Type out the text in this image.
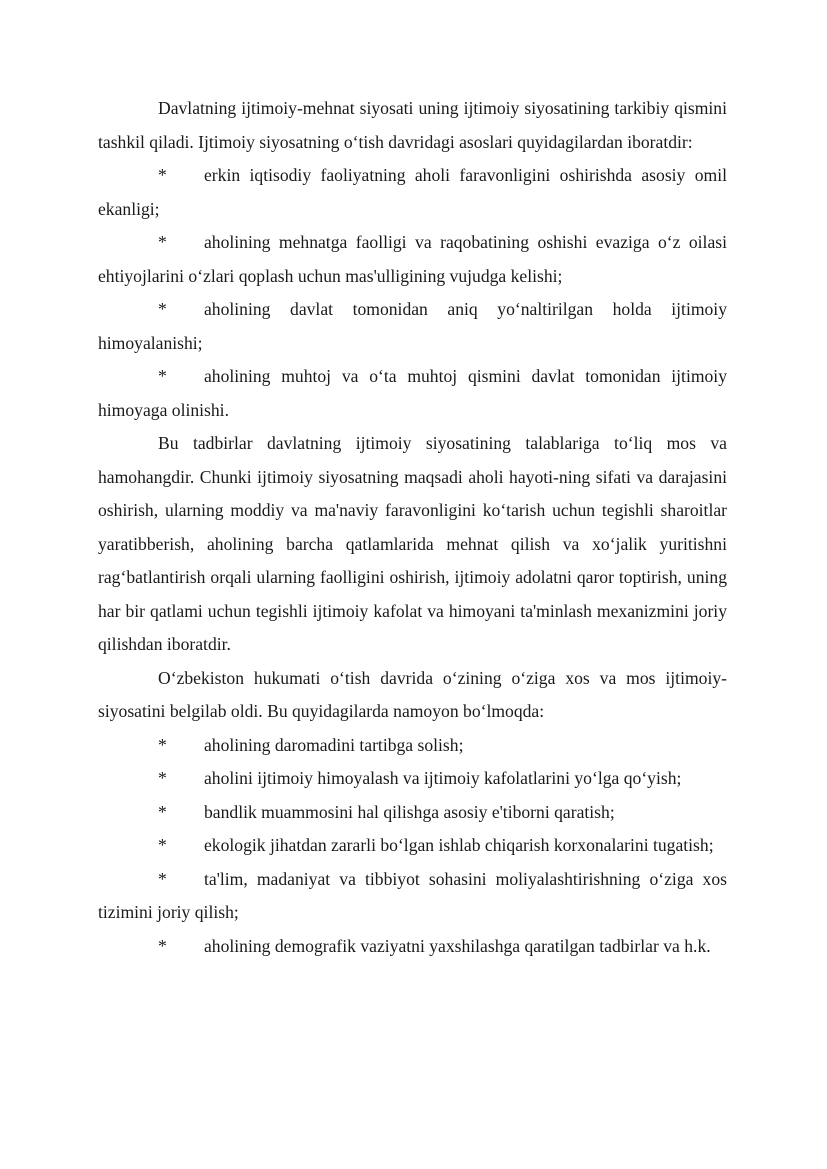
Davlatning ijtimoiy-mehnat siyosati uning ijtimoiy siyosatining tarkibiy qismini tashkil qiladi. Ijtimoiy siyosatning o‘tish davridagi asoslari quyidagilardan iboratdir:

* erkin iqtisodiy faoliyatning aholi faravonligini oshirishda asosiy omil ekanligi;

* aholining mehnatga faolligi va raqobatining oshishi evaziga o‘z oilasi ehtiyojlarini o‘zlari qoplash uchun mas'ulligining vujudga kelishi;

* aholining davlat tomonidan aniq yo‘naltirilgan holda ijtimoiy himoyalanishi;

* aholining muhtoj va o‘ta muhtoj qismini davlat tomonidan ijtimoiy himoyaga olinishi.

Bu tadbirlar davlatning ijtimoiy siyosatining talablariga to‘liq mos va hamohangdir. Chunki ijtimoiy siyosatning maqsadi aholi hayoti-ning sifati va darajasini oshirish, ularning moddiy va ma'naviy faravonligini ko‘tarish uchun tegishli sharoitlar yaratibberish, aholining barcha qatlamlarida mehnat qilish va xo‘jalik yuritishni rag‘batlantirish orqali ularning faolligini oshirish, ijtimoiy adolatni qaror toptirish, uning har bir qatlami uchun tegishli ijtimoiy kafolat va himoyani ta'minlash mexanizmini joriy qilishdan iboratdir.

O‘zbekiston hukumati o‘tish davrida o‘zining o‘ziga xos va mos ijtimoiy-siyosatini belgilab oldi. Bu quyidagilarda namoyon bo‘lmoqda:

* aholining daromadini tartibga solish;

* aholini ijtimoiy himoyalash va ijtimoiy kafolatlarini yo‘lga qo‘yish;

* bandlik muammosini hal qilishga asosiy e'tiborni qaratish;

* ekologik jihatdan zararli bo‘lgan ishlab chiqarish korxonalarini tugatish;

* ta'lim, madaniyat va tibbiyot sohasini moliyalashtirishning o‘ziga xos tizimini joriy qilish;

* aholining demografik vaziyatni yaxshilashga qaratilgan tadbirlar va h.k.
